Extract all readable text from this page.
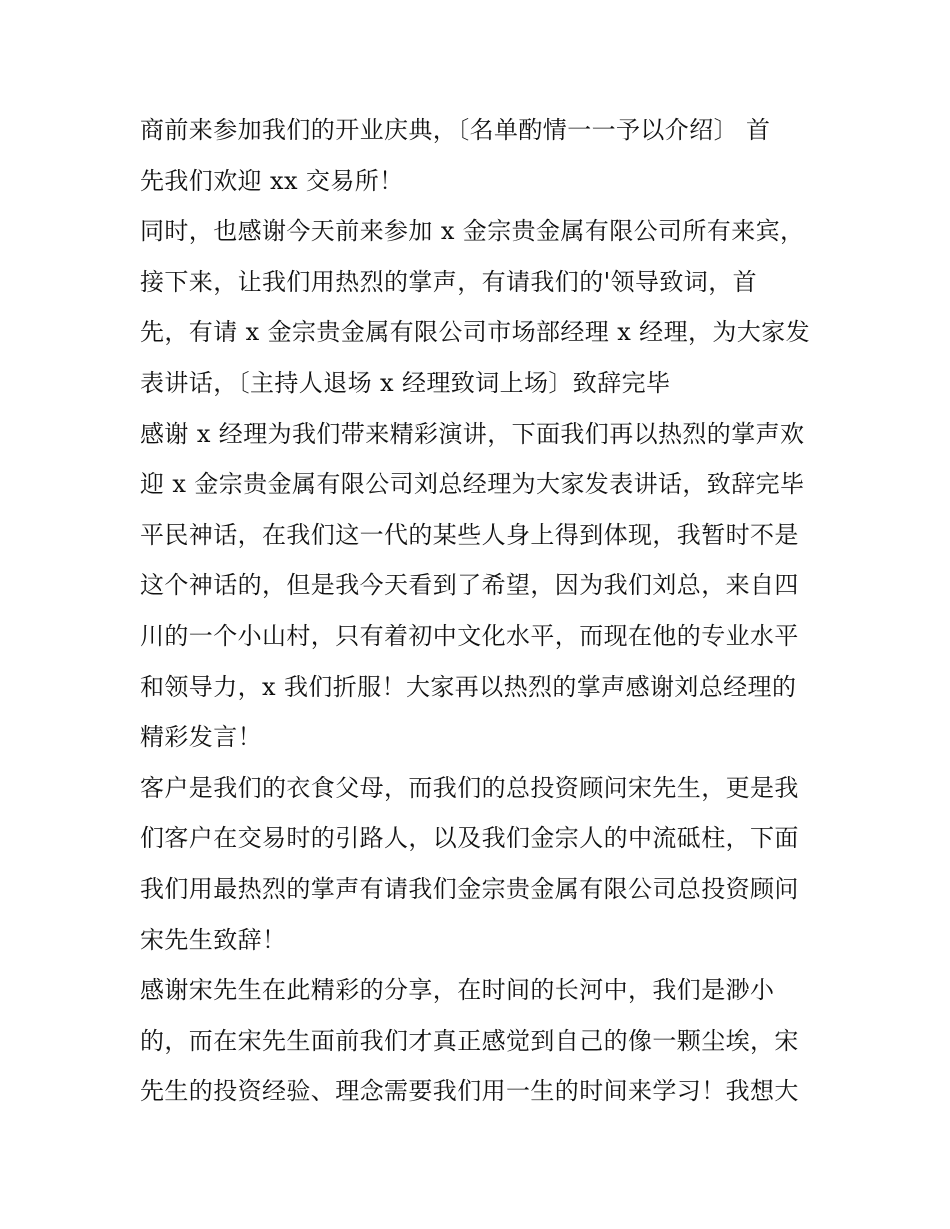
商前来参加我们的开业庆典，〔名单酌情一一予以介绍〕 首
先我们欢迎 xx 交易所！
同时，也感谢今天前来参加 x 金宗贵金属有限公司所有来宾，
接下来，让我们用热烈的掌声，有请我们的'领导致词，首
先，有请 x 金宗贵金属有限公司市场部经理 x 经理，为大家发
表讲话，〔主持人退场 x 经理致词上场〕致辞完毕
感谢 x 经理为我们带来精彩演讲，下面我们再以热烈的掌声欢
迎 x 金宗贵金属有限公司刘总经理为大家发表讲话，致辞完毕
平民神话，在我们这一代的某些人身上得到体现，我暂时不是
这个神话的，但是我今天看到了希望，因为我们刘总，来自四
川的一个小山村，只有着初中文化水平，而现在他的专业水平
和领导力，x 我们折服！大家再以热烈的掌声感谢刘总经理的
精彩发言！
客户是我们的衣食父母，而我们的总投资顾问宋先生，更是我
们客户在交易时的引路人，以及我们金宗人的中流砥柱，下面
我们用最热烈的掌声有请我们金宗贵金属有限公司总投资顾问
宋先生致辞！
感谢宋先生在此精彩的分享，在时间的长河中，我们是渺小
的，而在宋先生面前我们才真正感觉到自己的像一颗尘埃，宋
先生的投资经验、理念需要我们用一生的时间来学习！我想大
